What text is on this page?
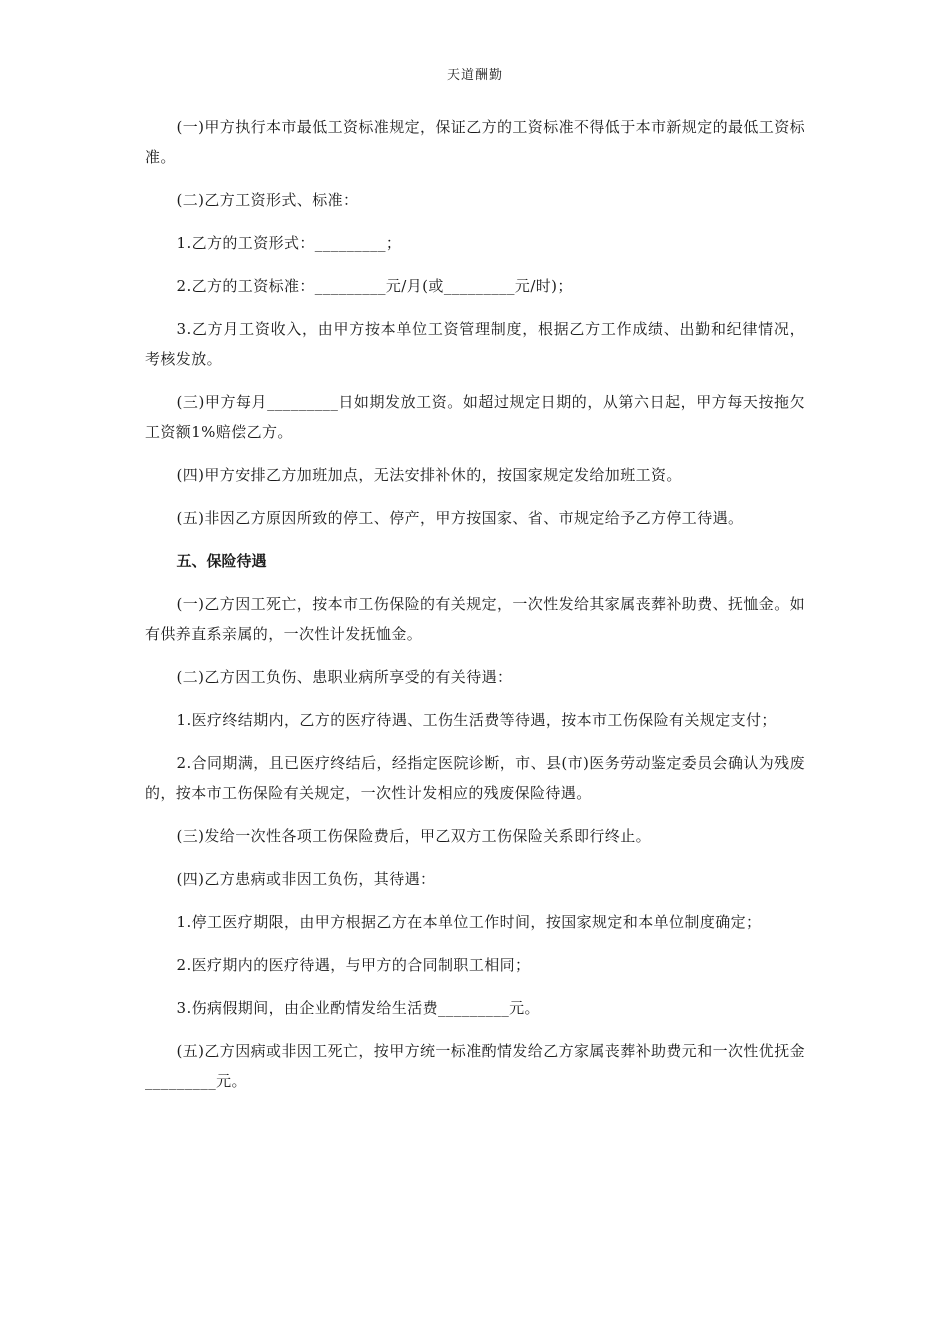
天道酬勤

(一)甲方执行本市最低工资标准规定，保证乙方的工资标准不得低于本市新规定的最低工资标准。

(二)乙方工资形式、标准：

1.乙方的工资形式：_________；

2.乙方的工资标准：_________元/月(或_________元/时)；

3.乙方月工资收入，由甲方按本单位工资管理制度，根据乙方工作成绩、出勤和纪律情况，考核发放。

(三)甲方每月_________日如期发放工资。如超过规定日期的，从第六日起，甲方每天按拖欠工资额1%赔偿乙方。

(四)甲方安排乙方加班加点，无法安排补休的，按国家规定发给加班工资。

(五)非因乙方原因所致的停工、停产，甲方按国家、省、市规定给予乙方停工待遇。

五、保险待遇

(一)乙方因工死亡，按本市工伤保险的有关规定，一次性发给其家属丧葬补助费、抚恤金。如有供养直系亲属的，一次性计发抚恤金。

(二)乙方因工负伤、患职业病所享受的有关待遇：

1.医疗终结期内，乙方的医疗待遇、工伤生活费等待遇，按本市工伤保险有关规定支付；

2.合同期满，且已医疗终结后，经指定医院诊断，市、县(市)医务劳动鉴定委员会确认为残废的，按本市工伤保险有关规定，一次性计发相应的残废保险待遇。

(三)发给一次性各项工伤保险费后，甲乙双方工伤保险关系即行终止。

(四)乙方患病或非因工负伤，其待遇：

1.停工医疗期限，由甲方根据乙方在本单位工作时间，按国家规定和本单位制度确定；

2.医疗期内的医疗待遇，与甲方的合同制职工相同；

3.伤病假期间，由企业酌情发给生活费_________元。

(五)乙方因病或非因工死亡，按甲方统一标准酌情发给乙方家属丧葬补助费元和一次性优抚金_________元。
